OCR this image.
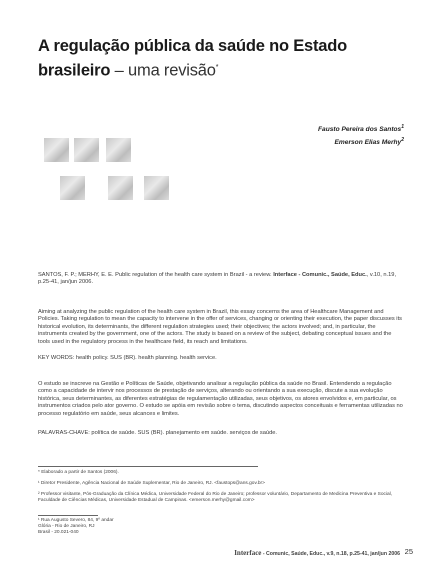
A regulação pública da saúde no Estado brasileiro – uma revisão*
Fausto Pereira dos Santos$^1$
Emerson Elias Merhy$^2$
SANTOS, F. P.; MERHY, E. E. Public regulation of the health care system in Brazil - a review. Interface - Comunic., Saúde, Educ., v.10, n.19, p.25-41, jan/jun 2006.
Aiming at analyzing the public regulation of the health care system in Brazil, this essay concerns the area of Healthcare Management and Policies. Taking regulation to mean the capacity to intervene in the offer of services, changing or orienting their execution, the paper discusses its historical evolution, its determinants, the different regulation strategies used; their objectives; the actors involved; and, in particular, the instruments created by the government, one of the actors. The study is based on a review of the subject, debating conceptual issues and the tools used in the regulatory process in the healthcare field, its reach and limitations.
KEY WORDS: health policy. SUS (BR). health planning. health service.
O estudo se inscreve na Gestão e Políticas de Saúde, objetivando analisar a regulação pública da saúde no Brasil. Entendendo a regulação como a capacidade de intervir nos processos de prestação de serviços, alterando ou orientando a sua execução, discute a sua evolução histórica, seus determinantes, as diferentes estratégias de regulamentação utilizadas, seus objetivos, os atores envolvidos e, em particular, os instrumentos criados pelo ator governo. O estudo se apóia em revisão sobre o tema, discutindo aspectos conceituais e ferramentas utilizadas no processo regulatório em saúde, seus alcances e limites.
PALAVRAS-CHAVE: política de saúde. SUS (BR). planejamento em saúde. serviços de saúde.
* Elaborado a partir de Santos (2006).
¹ Diretor Presidente, Agência Nacional de Saúde Suplementar, Rio de Janeiro, RJ. <faustops@ans.gov.br>
² Professor visitante, Pós-Graduação da Clínica Médica, Universidade Federal do Rio de Janeiro; professor voluntário, Departamento de Medicina Preventiva e Social, Faculdade de Ciências Médicas, Universidade Estadual de Campinas. <emerson.merhy@gmail.com>
¹ Rua Augusto Severo, 84, 9º andar
Glória - Rio de Janeiro, RJ
Brasil - 20.021-040
Interface - Comunic, Saúde, Educ., v.9, n.18, p.25-41, jan/jun 2006 25
